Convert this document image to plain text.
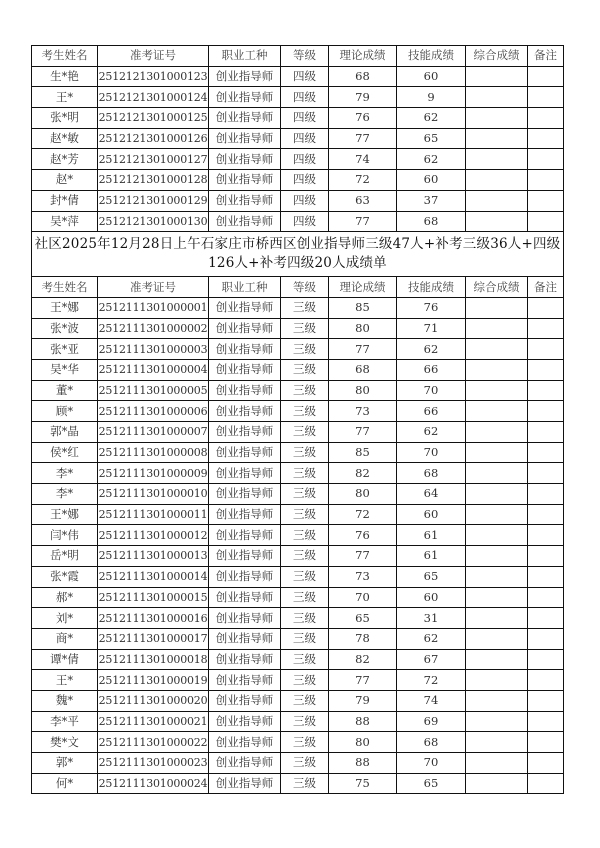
考生姓名	准考证号	职业工种	等级	理论成绩	技能成绩	综合成绩	备注
生*艳	2512121301000123	创业指导师	四级	68	60		
王*	2512121301000124	创业指导师	四级	79	9		
张*明	2512121301000125	创业指导师	四级	76	62		
赵*敏	2512121301000126	创业指导师	四级	77	65		
赵*芳	2512121301000127	创业指导师	四级	74	62		
赵*	2512121301000128	创业指导师	四级	72	60		
封*倩	2512121301000129	创业指导师	四级	63	37		
吴*萍	2512121301000130	创业指导师	四级	77	68		
社区2025年12月28日上午石家庄市桥西区创业指导师三级47人+补考三级36人+四级126人+补考四级20人成绩单							
考生姓名	准考证号	职业工种	等级	理论成绩	技能成绩	综合成绩	备注
王*娜	2512111301000001	创业指导师	三级	85	76		
张*波	2512111301000002	创业指导师	三级	80	71		
张*亚	2512111301000003	创业指导师	三级	77	62		
吴*华	2512111301000004	创业指导师	三级	68	66		
董*	2512111301000005	创业指导师	三级	80	70		
顾*	2512111301000006	创业指导师	三级	73	66		
郭*晶	2512111301000007	创业指导师	三级	77	62		
侯*红	2512111301000008	创业指导师	三级	85	70		
李*	2512111301000009	创业指导师	三级	82	68		
李*	2512111301000010	创业指导师	三级	80	64		
王*娜	2512111301000011	创业指导师	三级	72	60		
闫*伟	2512111301000012	创业指导师	三级	76	61		
岳*明	2512111301000013	创业指导师	三级	77	61		
张*霞	2512111301000014	创业指导师	三级	73	65		
郝*	2512111301000015	创业指导师	三级	70	60		
刘*	2512111301000016	创业指导师	三级	65	31		
商*	2512111301000017	创业指导师	三级	78	62		
谭*倩	2512111301000018	创业指导师	三级	82	67		
王*	2512111301000019	创业指导师	三级	77	72		
魏*	2512111301000020	创业指导师	三级	79	74		
李*平	2512111301000021	创业指导师	三级	88	69		
樊*文	2512111301000022	创业指导师	三级	80	68		
郭*	2512111301000023	创业指导师	三级	88	70		
何*	2512111301000024	创业指导师	三级	75	65		
